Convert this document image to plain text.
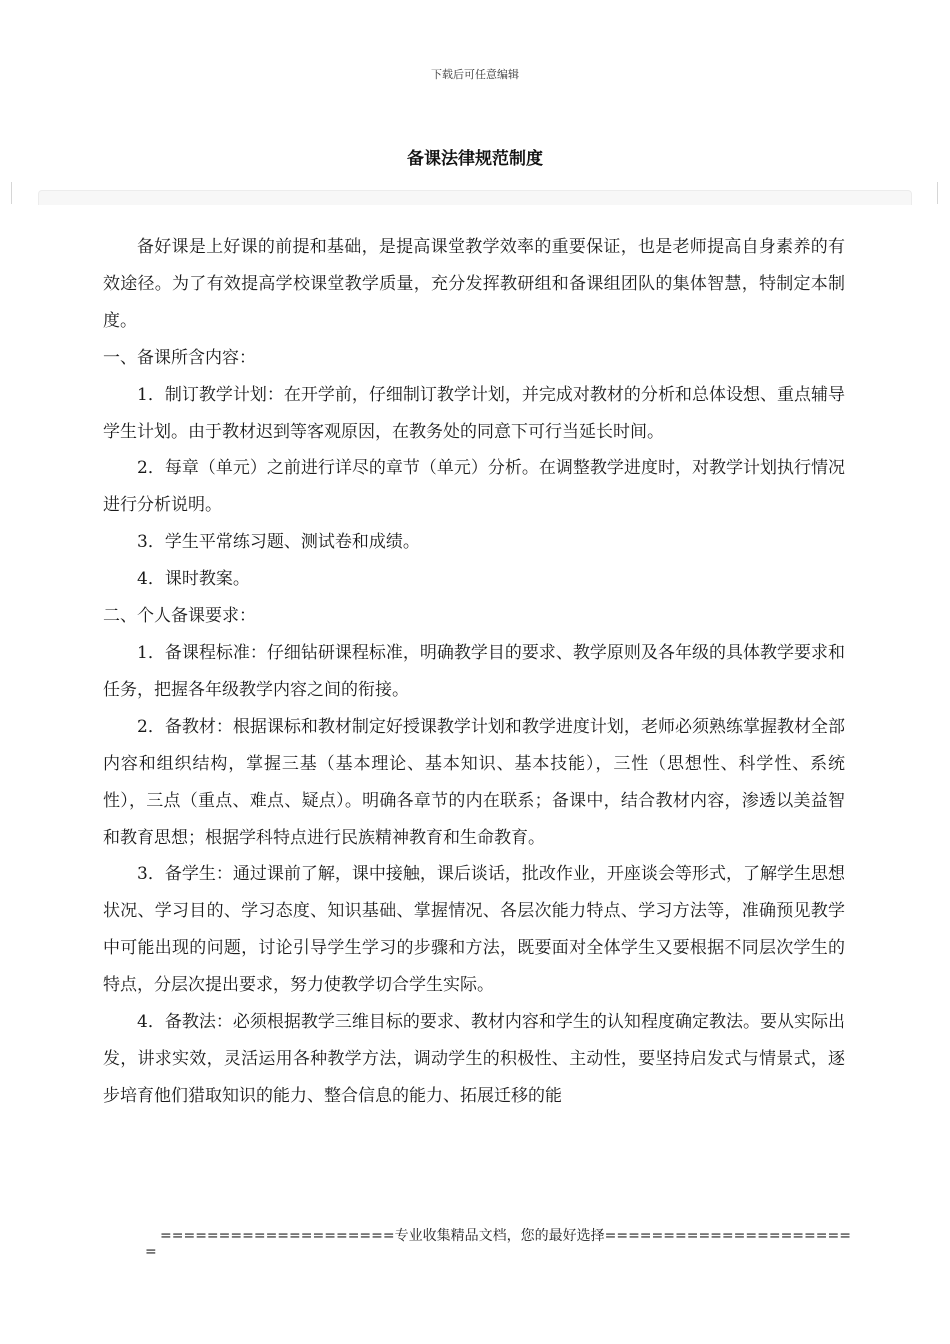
下载后可任意编辑
备课法律规范制度

备好课是上好课的前提和基础，是提高课堂教学效率的重要保证，也是老师提高自身素养的有效途径。为了有效提高学校课堂教学质量，充分发挥教研组和备课组团队的集体智慧，特制定本制度。

一、备课所含内容：

1．制订教学计划：在开学前，仔细制订教学计划，并完成对教材的分析和总体设想、重点辅导学生计划。由于教材迟到等客观原因，在教务处的同意下可行当延长时间。

2．每章（单元）之前进行详尽的章节（单元）分析。在调整教学进度时，对教学计划执行情况进行分析说明。

3．学生平常练习题、测试卷和成绩。

4．课时教案。

二、个人备课要求：

1．备课程标准：仔细钻研课程标准，明确教学目的要求、教学原则及各年级的具体教学要求和任务，把握各年级教学内容之间的衔接。

2．备教材：根据课标和教材制定好授课教学计划和教学进度计划，老师必须熟练掌握教材全部内容和组织结构，掌握三基（基本理论、基本知识、基本技能），三性（思想性、科学性、系统性），三点（重点、难点、疑点）。明确各章节的内在联系；备课中，结合教材内容，渗透以美益智和教育思想；根据学科特点进行民族精神教育和生命教育。

3．备学生：通过课前了解，课中接触，课后谈话，批改作业，开座谈会等形式，了解学生思想状况、学习目的、学习态度、知识基础、掌握情况、各层次能力特点、学习方法等，准确预见教学中可能出现的问题，讨论引导学生学习的步骤和方法，既要面对全体学生又要根据不同层次学生的特点，分层次提出要求，努力使教学切合学生实际。

4．备教法：必须根据教学三维目标的要求、教材内容和学生的认知程度确定教法。要从实际出发，讲求实效，灵活运用各种教学方法，调动学生的积极性、主动性，要坚持启发式与情景式，逐步培育他们猎取知识的能力、整合信息的能力、拓展迁移的能

====================专业收集精品文档，您的最好选择=====================
=
